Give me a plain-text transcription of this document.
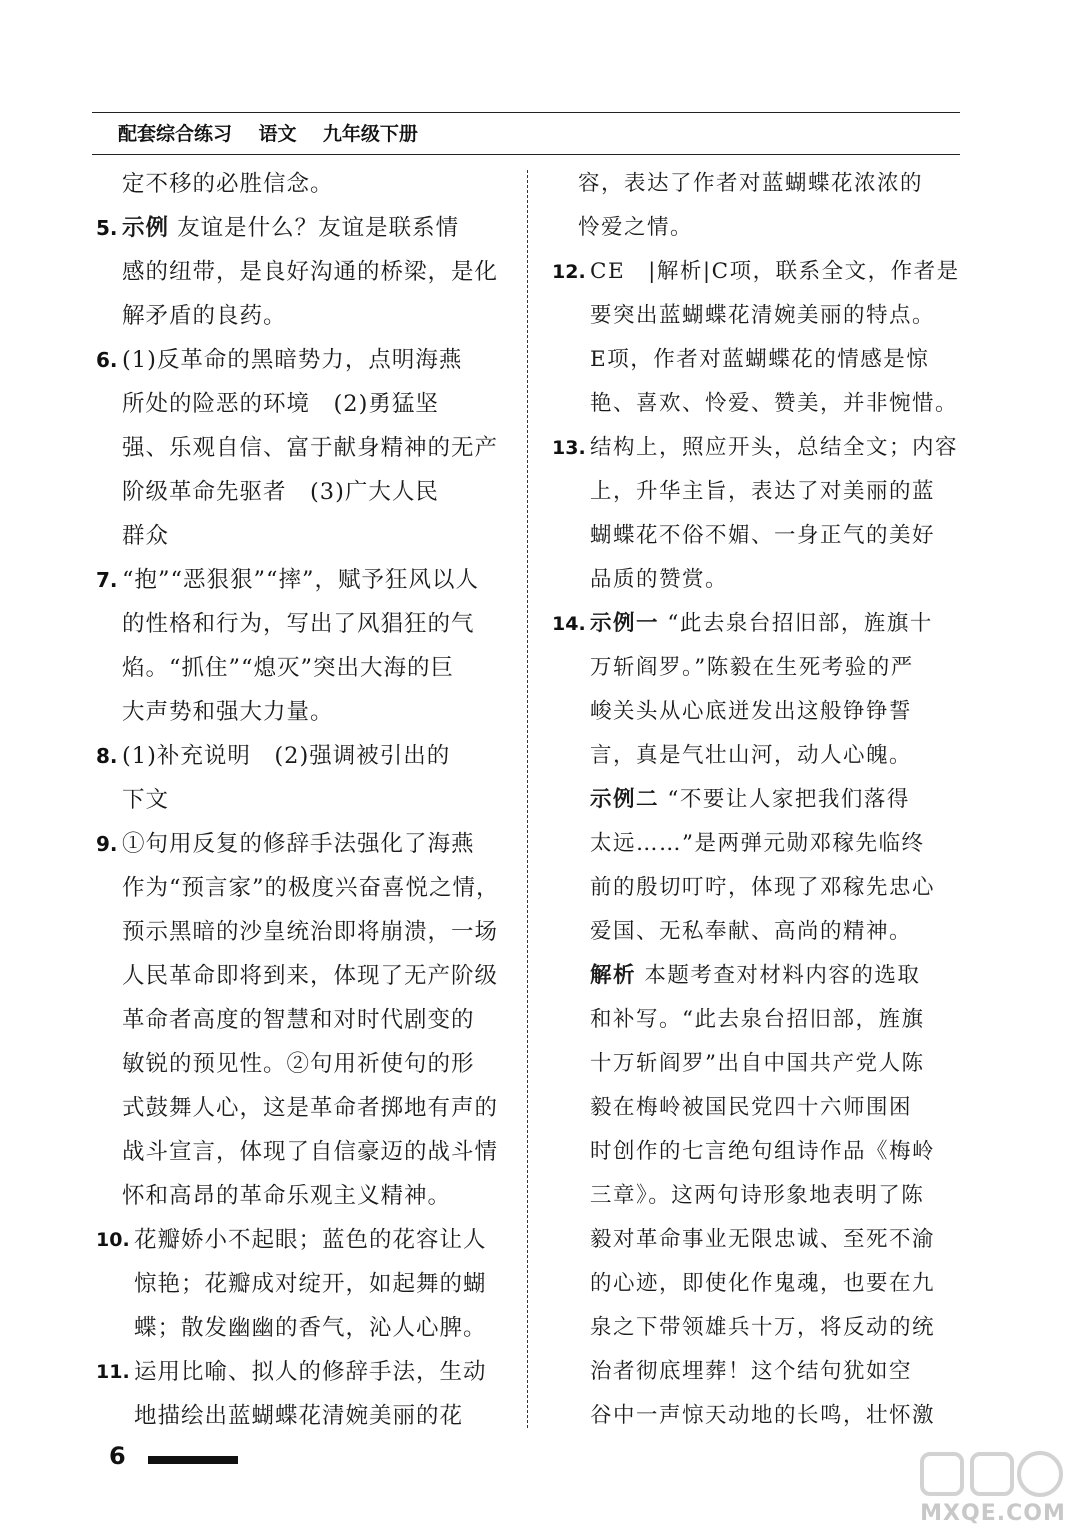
配套综合练习    语文    九年级下册
定不移的必胜信念。
5. 示例 友谊是什么？友谊是联系情
感的纽带，是良好沟通的桥梁，是化
解矛盾的良药。
6. (1)反革命的黑暗势力，点明海燕
所处的险恶的环境　(2)勇猛坚
强、乐观自信、富于献身精神的无产
阶级革命先驱者　(3)广大人民
群众
7. “抱”“恶狠狠”“摔”，赋予狂风以人
的性格和行为，写出了风猖狂的气
焰。“抓住”“熄灭”突出大海的巨
大声势和强大力量。
8. (1)补充说明　(2)强调被引出的
下文
9. ①句用反复的修辞手法强化了海燕
作为“预言家”的极度兴奋喜悦之情，
预示黑暗的沙皇统治即将崩溃，一场
人民革命即将到来，体现了无产阶级
革命者高度的智慧和对时代剧变的
敏锐的预见性。②句用祈使句的形
式鼓舞人心，这是革命者掷地有声的
战斗宣言，体现了自信豪迈的战斗情
怀和高昂的革命乐观主义精神。
10. 花瓣娇小不起眼；蓝色的花容让人
惊艳；花瓣成对绽开，如起舞的蝴
蝶；散发幽幽的香气，沁人心脾。
11. 运用比喻、拟人的修辞手法，生动
地描绘出蓝蝴蝶花清婉美丽的花
容，表达了作者对蓝蝴蝶花浓浓的
怜爱之情。
12. CE　|解析|C项，联系全文，作者是
要突出蓝蝴蝶花清婉美丽的特点。
E项，作者对蓝蝴蝶花的情感是惊
艳、喜欢、怜爱、赞美，并非惋惜。
13. 结构上，照应开头，总结全文；内容
上，升华主旨，表达了对美丽的蓝
蝴蝶花不俗不媚、一身正气的美好
品质的赞赏。
14. 示例一 “此去泉台招旧部，旌旗十
万斩阎罗。”陈毅在生死考验的严
峻关头从心底迸发出这般铮铮誓
言，真是气壮山河，动人心魄。
示例二 “不要让人家把我们落得
太远……”是两弹元勋邓稼先临终
前的殷切叮咛，体现了邓稼先忠心
爱国、无私奉献、高尚的精神。
解析 本题考查对材料内容的选取
和补写。“此去泉台招旧部，旌旗
十万斩阎罗”出自中国共产党人陈
毅在梅岭被国民党四十六师围困
时创作的七言绝句组诗作品《梅岭
三章》。这两句诗形象地表明了陈
毅对革命事业无限忠诚、至死不渝
的心迹，即使化作鬼魂，也要在九
泉之下带领雄兵十万，将反动的统
治者彻底埋葬！这个结句犹如空
谷中一声惊天动地的长鸣，壮怀激
6
MXQE.COM
